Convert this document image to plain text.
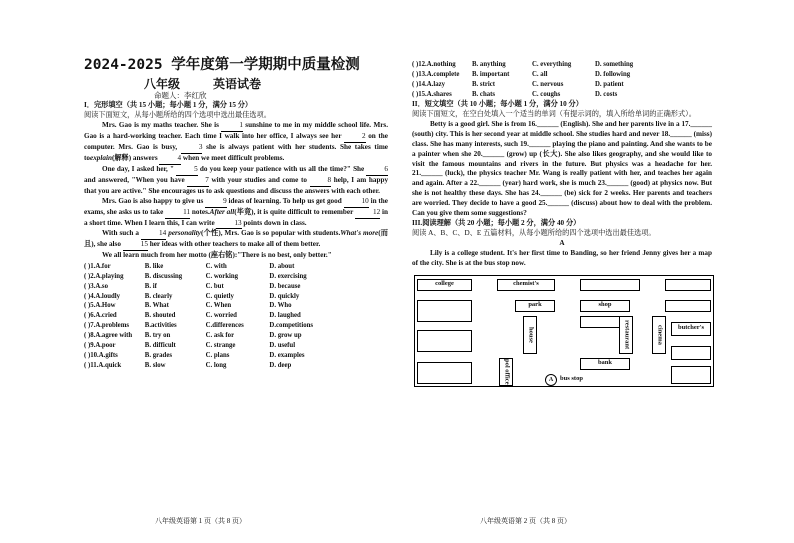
2024-2025 学年度第一学期期中质量检测
八年级	英语试卷
命题人：李红欣
I．完形填空（共 15 小题；每小题 1 分，满分 15 分）
阅读下面短文，从每小题所给的四个选项中选出最佳选项。

Mrs. Gao is my maths teacher. She is	1 sunshine to me in my middle school life. Mrs. Gao is a hard-working teacher. Each time I walk into her office, I always see her	2 on the computer. Mrs. Gao is busy,	3 she is always patient with her students. She takes time toexplain(解释) answers	4 when we meet difficult problems.

One day, I asked her, "	5 do you keep your patience with us all the time?" She	6 and answered, "When you have	7 with your studies and come to	8 help, I am happy that you are active." She encourages us to ask questions and discuss the answers with each other.

Mrs. Gao is also happy to give us	9 ideas of learning. To help us get good	10 in the exams, she asks us to take	11 notes.After all(毕竟), it is quite difficult to remember	12 in a short time. When I learn this, I can write	13 points down in class.

With such a	14 personality(个性), Mrs. Gao is so popular with students.What's more(而且), she also	15 her ideas with other teachers to make all of them better.

We all learn much from her motto (座右铭):"There is no best, only better."
( )1.A.for	B. like	C. with	D. about
( )2.A.playing	B. discussing	C. working	D. exercising
( )3.A.so	B. if	C. but	D. because
( )4.A.loudly	B. clearly	C. quietly	D. quickly
( )5.A.How	B. What	C. When	D. Who
( )6.A.cried	B. shouted	C. worried	D. laughed
( )7.A.problems	B.activities	C.differences	D.competitions
( )8.A.agree with	B. try on	C. ask for	D. grow up
( )9.A.poor	B. difficult	C. strange	D. useful
( )10.A.gifts	B. grades	C. plans	D. examples
( )11.A.quick	B. slow	C. long	D. deep
八年级英语第 1 页（共 8 页）
( )12.A.nothing	B. anything	C. everything	D. something
( )13.A.complete	B. important	C. all	D. following
( )14.A.lazy	B. strict	C. nervous	D. patient
( )15.A.shares	B. chats	C. coughs	D. costs
II．短文填空（共 10 小题；每小题 1 分，满分 10 分）
阅读下面短文，在空白处填入一个适当的单词（有提示词的，填入所给单词的正确形式）。

Betty is a good girl. She is from 16.______ (English). She and her parents live in a 17.______ (south) city. This is her second year at middle school. She studies hard and never 18.______ (miss) class. She has many interests, such 19.______ playing the piano and painting. And she wants to be a painter when she 20.______ (grow) up (长大). She also likes geography, and she would like to visit the famous mountains and rivers in the future. But physics was a headache for her. 21.______ (luck), the physics teacher Mr. Wang is really patient with her, and teaches her again and again. After a 22.______ (year) hard work, she is much 23.______ (good) at physics now. But she is not healthy these days. She has 24.______ (be) sick for 2 weeks. Her parents and teachers are worried. They decide to have a good 25.______ (discuss) about how to deal with the problem. Can you give them some suggestions?

III.阅读理解（共 20 小题；每小题 2 分，满分 40 分）
阅读 A、B、C、D、E 五篇材料，从每小题所给的四个选项中选出最佳选项。
A

Lily is a college student. It's her first time to Banding, so her friend Jenny gives her a map of the city. She is at the bus stop now.

college	chemist's
park	shop
house	restaurant	cinema	butcher's
bank
pol office	A	bus stop
八年级英语第 2 页（共 8 页）
